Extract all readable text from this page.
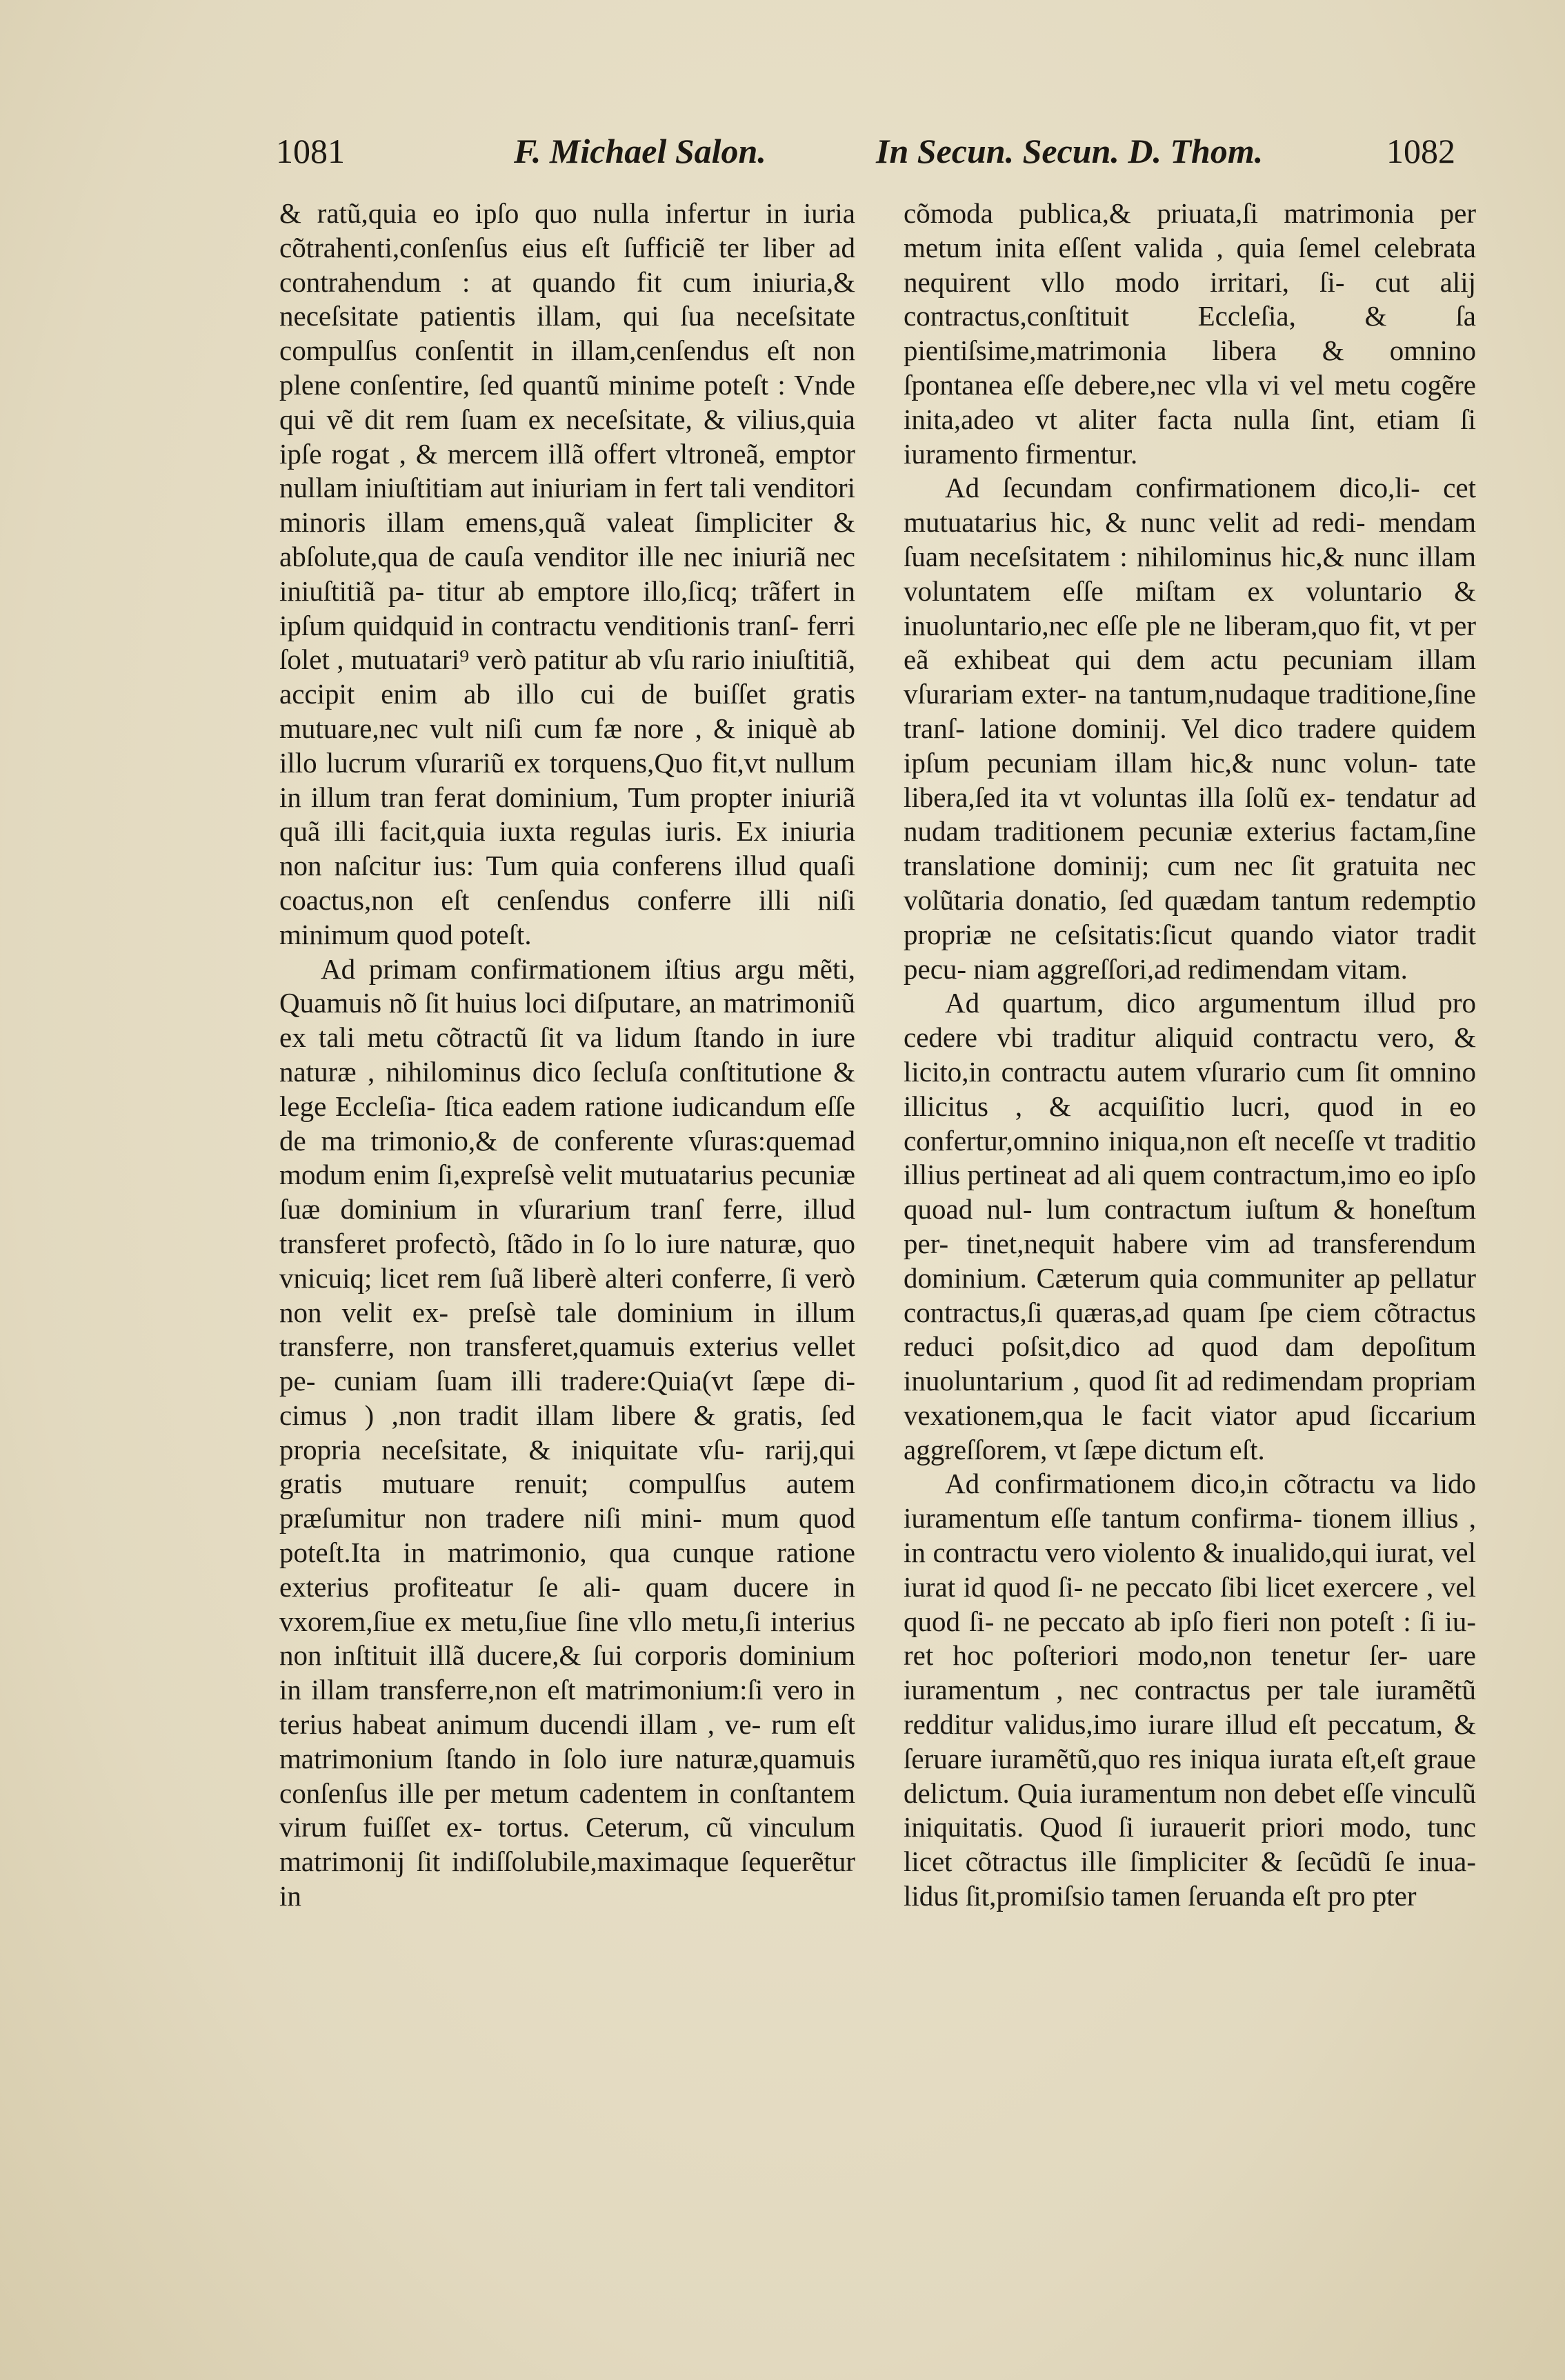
1081	F. Michael Salon.	In Secun. Secun. D. Thom.	1082

& ratũ,quia eo ipſo quo nulla infertur in iuria cõtrahenti,conſenſus eius eſt ſufficiẽ ter liber ad contrahendum : at quando fit cum iniuria,& neceſsitate patientis illam, qui ſua neceſsitate compulſus conſentit in illam,cenſendus eſt non plene conſentire, ſed quantũ minime poteſt : Vnde qui vẽ dit rem ſuam ex neceſsitate, & vilius,quia ipſe rogat , & mercem illã offert vltroneã, emptor nullam iniuſtitiam aut iniuriam in fert tali venditori minoris illam emens,quã valeat ſimpliciter & abſolute,qua de cauſa venditor ille nec iniuriã nec iniuſtitiã pa- titur ab emptore illo,ſicq; trãfert in ipſum quidquid in contractu venditionis tranſ- ferri ſolet , mutuatari⁹ verò patitur ab vſu rario iniuſtitiã, accipit enim ab illo cui de buiſſet gratis mutuare,nec vult niſi cum fæ nore , & iniquè ab illo lucrum vſurariũ ex torquens,Quo fit,vt nullum in illum tran ferat dominium, Tum propter iniuriã quã illi facit,quia iuxta regulas iuris. Ex iniuria non naſcitur ius: Tum quia conferens illud quaſi coactus,non eſt cenſendus conferre illi niſi minimum quod poteſt.

Ad primam confirmationem iſtius argu mẽti, Quamuis nõ ſit huius loci diſputare, an matrimoniũ ex tali metu cõtractũ ſit va lidum ſtando in iure naturæ , nihilominus dico ſecluſa conſtitutione & lege Eccleſia- ſtica eadem ratione iudicandum eſſe de ma trimonio,& de conferente vſuras:quemad modum enim ſi,expreſsè velit mutuatarius pecuniæ ſuæ dominium in vſurarium tranſ ferre, illud transferet profectò, ſtãdo in ſo lo iure naturæ, quo vnicuiq; licet rem ſuã liberè alteri conferre, ſi verò non velit ex- preſsè tale dominium in illum transferre, non transferet,quamuis exterius vellet pe- cuniam ſuam illi tradere:Quia(vt ſæpe di- cimus ) ,non tradit illam libere & gratis, ſed propria neceſsitate, & iniquitate vſu- rarij,qui gratis mutuare renuit; compulſus autem præſumitur non tradere niſi mini- mum quod poteſt.Ita in matrimonio, qua cunque ratione exterius profiteatur ſe ali- quam ducere in vxorem,ſiue ex metu,ſiue ſine vllo metu,ſi interius non inſtituit illã ducere,& ſui corporis dominium in illam transferre,non eſt matrimonium:ſi vero in terius habeat animum ducendi illam , ve- rum eſt matrimonium ſtando in ſolo iure naturæ,quamuis conſenſus ille per metum cadentem in conſtantem virum fuiſſet ex- tortus. Ceterum, cũ vinculum matrimonij ſit indiſſolubile,maximaque ſequerẽtur in

cõmoda publica,& priuata,ſi matrimonia per metum inita eſſent valida , quia ſemel celebrata nequirent vllo modo irritari, ſi- cut alij contractus,conſtituit Eccleſia, & ſa pientiſsime,matrimonia libera & omnino ſpontanea eſſe debere,nec vlla vi vel metu cogẽre inita,adeo vt aliter facta nulla ſint, etiam ſi iuramento firmentur.

Ad ſecundam confirmationem dico,li- cet mutuatarius hic, & nunc velit ad redi- mendam ſuam neceſsitatem : nihilominus hic,& nunc illam voluntatem eſſe miſtam ex voluntario & inuoluntario,nec eſſe ple ne liberam,quo fit, vt per eã exhibeat qui dem actu pecuniam illam vſurariam exter- na tantum,nudaque traditione,ſine tranſ- latione dominij. Vel dico tradere quidem ipſum pecuniam illam hic,& nunc volun- tate libera,ſed ita vt voluntas illa ſolũ ex- tendatur ad nudam traditionem pecuniæ exterius factam,ſine translatione dominij; cum nec ſit gratuita nec volũtaria donatio, ſed quædam tantum redemptio propriæ ne ceſsitatis:ſicut quando viator tradit pecu- niam aggreſſori,ad redimendam vitam.

Ad quartum, dico argumentum illud pro cedere vbi traditur aliquid contractu vero, & licito,in contractu autem vſurario cum ſit omnino illicitus , & acquiſitio lucri, quod in eo confertur,omnino iniqua,non eſt neceſſe vt traditio illius pertineat ad ali quem contractum,imo eo ipſo quoad nul- lum contractum iuſtum & honeſtum per- tinet,nequit habere vim ad transferendum dominium. Cæterum quia communiter ap pellatur contractus,ſi quæras,ad quam ſpe ciem cõtractus reduci poſsit,dico ad quod dam depoſitum inuoluntarium , quod ſit ad redimendam propriam vexationem,qua le facit viator apud ſiccarium aggreſſorem, vt ſæpe dictum eſt.

Ad confirmationem dico,in cõtractu va lido iuramentum eſſe tantum confirma- tionem illius , in contractu vero violento & inualido,qui iurat, vel iurat id quod ſi- ne peccato ſibi licet exercere , vel quod ſi- ne peccato ab ipſo fieri non poteſt : ſi iu- ret hoc poſteriori modo,non tenetur ſer- uare iuramentum , nec contractus per tale iuramẽtũ redditur validus,imo iurare illud eſt peccatum, & ſeruare iuramẽtũ,quo res iniqua iurata eſt,eſt graue delictum. Quia iuramentum non debet eſſe vinculũ iniquitatis. Quod ſi iurauerit priori modo, tunc licet cõtractus ille ſimpliciter & ſecũdũ ſe inua- lidus ſit,promiſsio tamen ſeruanda eſt pro pter
